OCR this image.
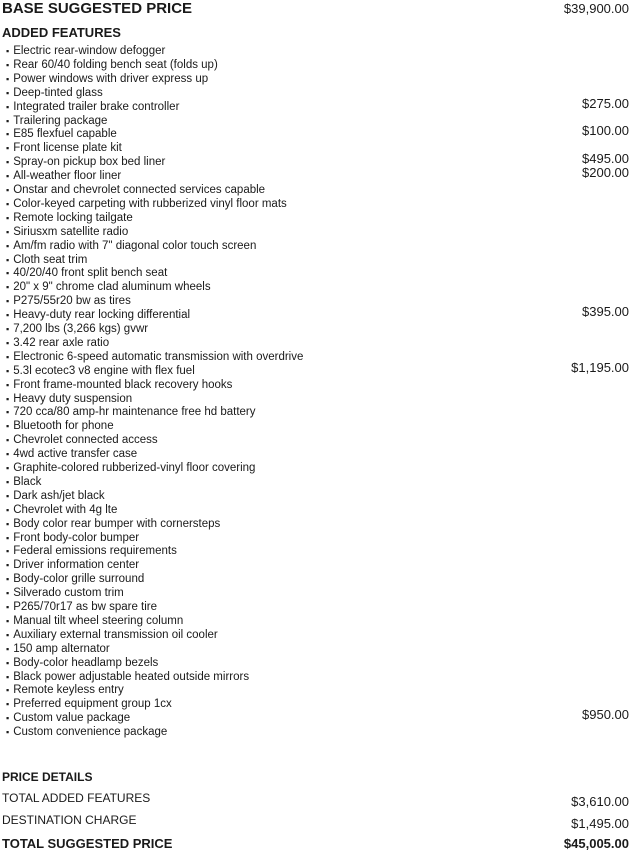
BASE SUGGESTED PRICE	$39,900.00
ADDED FEATURES
▪ Electric rear-window defogger
▪ Rear 60/40 folding bench seat (folds up)
▪ Power windows with driver express up
▪ Deep-tinted glass
▪ Integrated trailer brake controller	$275.00
▪ Trailering package
▪ E85 flexfuel capable	$100.00
▪ Front license plate kit
▪ Spray-on pickup box bed liner	$495.00
▪ All-weather floor liner	$200.00
▪ Onstar and chevrolet connected services capable
▪ Color-keyed carpeting with rubberized vinyl floor mats
▪ Remote locking tailgate
▪ Siriusxm satellite radio
▪ Am/fm radio with 7" diagonal color touch screen
▪ Cloth seat trim
▪ 40/20/40 front split bench seat
▪ 20" x 9" chrome clad aluminum wheels
▪ P275/55r20 bw as tires
▪ Heavy-duty rear locking differential	$395.00
▪ 7,200 lbs (3,266 kgs) gvwr
▪ 3.42 rear axle ratio
▪ Electronic 6-speed automatic transmission with overdrive
▪ 5.3l ecotec3 v8 engine with flex fuel	$1,195.00
▪ Front frame-mounted black recovery hooks
▪ Heavy duty suspension
▪ 720 cca/80 amp-hr maintenance free hd battery
▪ Bluetooth for phone
▪ Chevrolet connected access
▪ 4wd active transfer case
▪ Graphite-colored rubberized-vinyl floor covering
▪ Black
▪ Dark ash/jet black
▪ Chevrolet with 4g lte
▪ Body color rear bumper with cornersteps
▪ Front body-color bumper
▪ Federal emissions requirements
▪ Driver information center
▪ Body-color grille surround
▪ Silverado custom trim
▪ P265/70r17 as bw spare tire
▪ Manual tilt wheel steering column
▪ Auxiliary external transmission oil cooler
▪ 150 amp alternator
▪ Body-color headlamp bezels
▪ Black power adjustable heated outside mirrors
▪ Remote keyless entry
▪ Preferred equipment group 1cx
▪ Custom value package	$950.00
▪ Custom convenience package
PRICE DETAILS
TOTAL ADDED FEATURES	$3,610.00
DESTINATION CHARGE	$1,495.00
TOTAL SUGGESTED PRICE	$45,005.00
